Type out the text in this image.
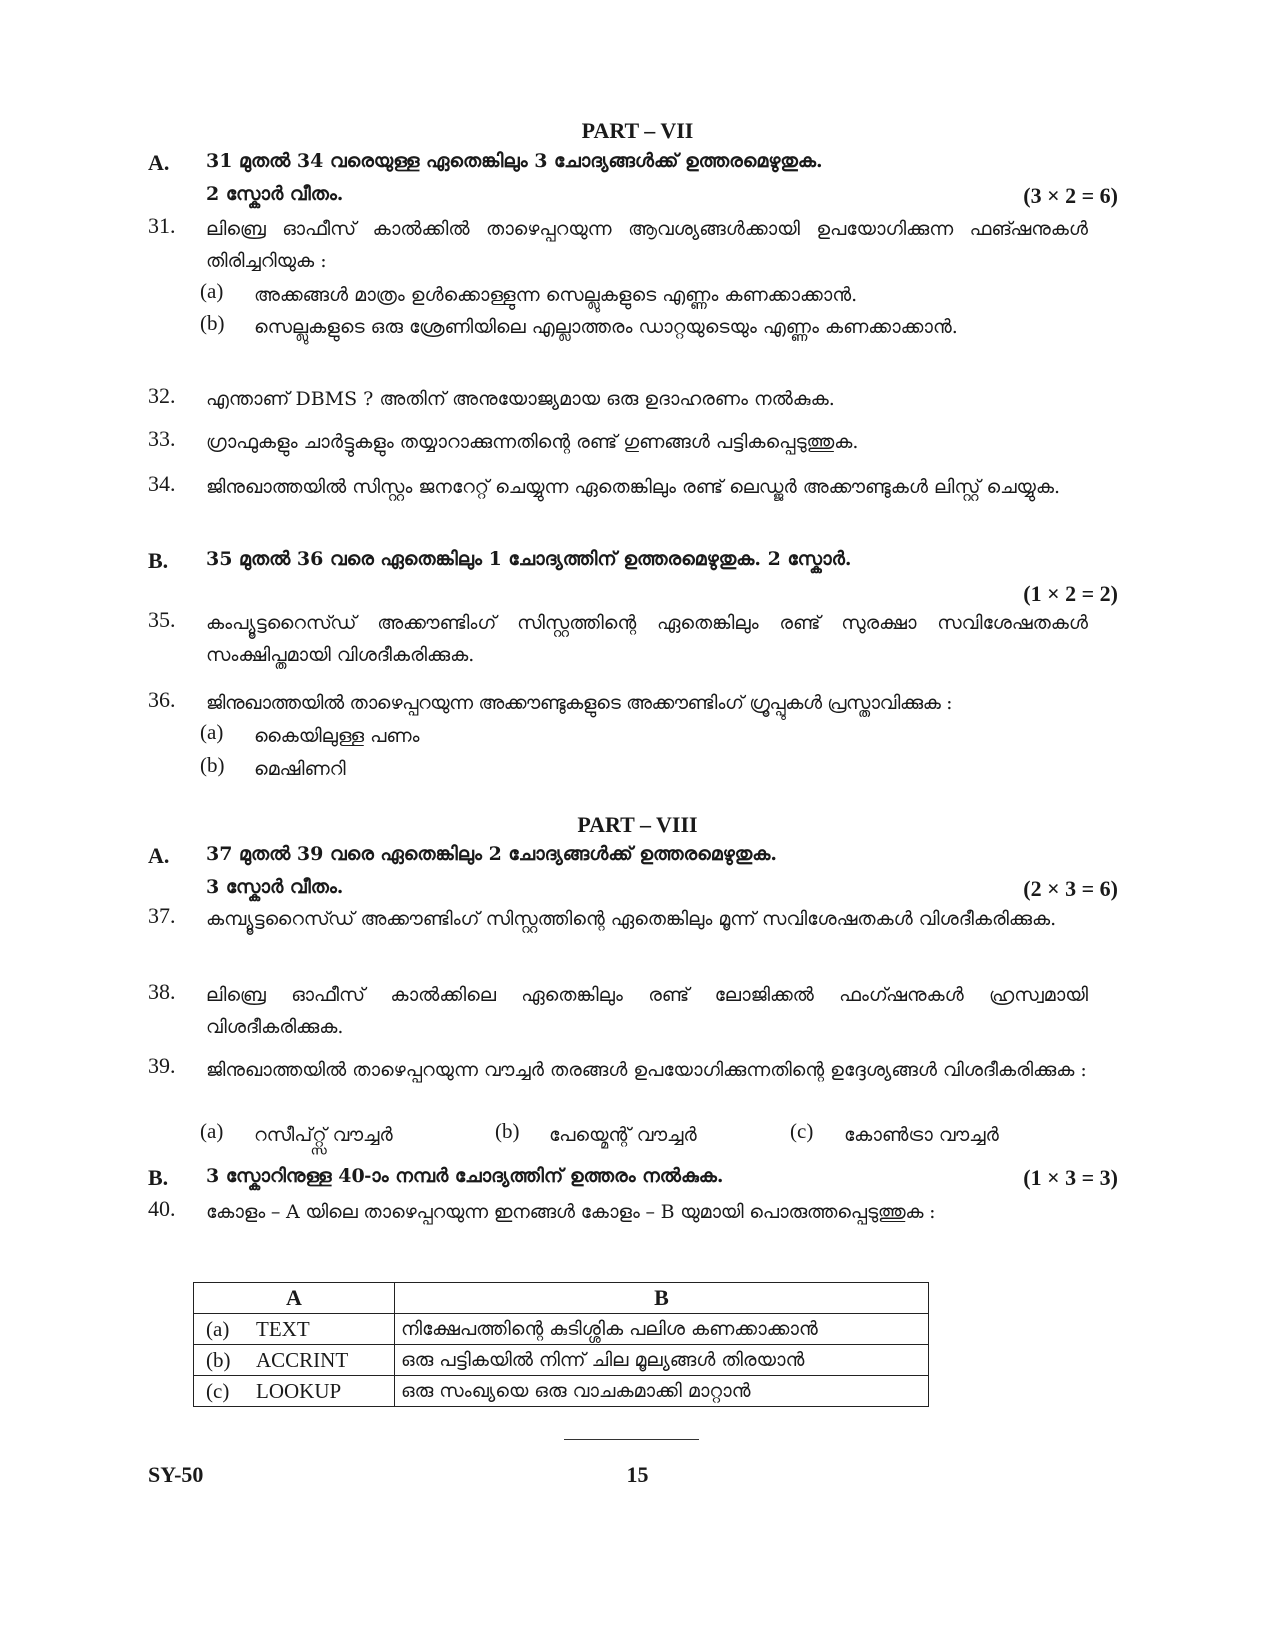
PART – VII
A. 31 മുതൽ 34 വരെയുള്ള ഏതെങ്കിലും 3 ചോദ്യങ്ങൾക്ക് ഉത്തരമെഴുതുക.
2 സ്കോർ വീതം.	(3 × 2 = 6)
31. ലിബ്രെ ഓഫീസ് കാൽക്കിൽ താഴെപ്പറയുന്ന ആവശ്യങ്ങൾക്കായി ഉപയോഗിക്കുന്ന ഫങ്ഷനുകൾ തിരിച്ചറിയുക :
(a) അക്കങ്ങൾ മാത്രം ഉൾക്കൊള്ളുന്ന സെല്ലുകളുടെ എണ്ണം കണക്കാക്കാൻ.
(b) സെല്ലുകളുടെ ഒരു ശ്രേണിയിലെ എല്ലാത്തരം ഡാറ്റയുടെയും എണ്ണം കണക്കാക്കാൻ.
32. എന്താണ് DBMS ? അതിന് അനുയോജ്യമായ ഒരു ഉദാഹരണം നൽകുക.
33. ഗ്രാഫുകളും ചാർട്ടുകളും തയ്യാറാക്കുന്നതിന്റെ രണ്ട് ഗുണങ്ങൾ പട്ടികപ്പെടുത്തുക.
34. ജിനുഖാത്തയിൽ സിസ്റ്റം ജനറേറ്റ് ചെയ്യുന്ന ഏതെങ്കിലും രണ്ട് ലെഡ്ജർ അക്കൗണ്ടുകൾ ലിസ്റ്റ് ചെയ്യുക.
B. 35 മുതൽ 36 വരെ ഏതെങ്കിലും 1 ചോദ്യത്തിന് ഉത്തരമെഴുതുക. 2 സ്കോർ.
(1 × 2 = 2)
35. കംപ്യൂട്ടറൈസ്ഡ് അക്കൗണ്ടിംഗ് സിസ്റ്റത്തിന്റെ ഏതെങ്കിലും രണ്ട് സുരക്ഷാ സവിശേഷതകൾ സംക്ഷിപ്തമായി വിശദീകരിക്കുക.
36. ജിനുഖാത്തയിൽ താഴെപ്പറയുന്ന അക്കൗണ്ടുകളുടെ അക്കൗണ്ടിംഗ് ഗ്രൂപ്പുകൾ പ്രസ്താവിക്കുക :
(a) കൈയിലുള്ള പണം
(b) മെഷിണറി
PART – VIII
A. 37 മുതൽ 39 വരെ ഏതെങ്കിലും 2 ചോദ്യങ്ങൾക്ക് ഉത്തരമെഴുതുക.
3 സ്കോർ വീതം.	(2 × 3 = 6)
37. കമ്പ്യൂട്ടറൈസ്ഡ് അക്കൗണ്ടിംഗ് സിസ്റ്റത്തിന്റെ ഏതെങ്കിലും മൂന്ന് സവിശേഷതകൾ വിശദീകരിക്കുക.
38. ലിബ്രെ ഓഫീസ് കാൽക്കിലെ ഏതെങ്കിലും രണ്ട് ലോജിക്കൽ ഫംഗ്ഷനുകൾ ഹ്രസ്വമായി വിശദീകരിക്കുക.
39. ജിനുഖാത്തയിൽ താഴെപ്പറയുന്ന വൗച്ചർ തരങ്ങൾ ഉപയോഗിക്കുന്നതിന്റെ ഉദ്ദേശ്യങ്ങൾ വിശദീകരിക്കുക :
(a) റസീപ്റ്റ്സ് വൗച്ചർ	(b) പേയ്മെന്റ് വൗച്ചർ	(c) കോൺട്രാ വൗച്ചർ
B. 3 സ്കോറിനുള്ള 40-ാം നമ്പർ ചോദ്യത്തിന് ഉത്തരം നൽകുക.	(1 × 3 = 3)
40. കോളം – A യിലെ താഴെപ്പറയുന്ന ഇനങ്ങൾ കോളം – B യുമായി പൊരുത്തപ്പെടുത്തുക :
A	B
(a) TEXT	നിക്ഷേപത്തിന്റെ കുടിശ്ശിക പലിശ കണക്കാക്കാൻ
(b) ACCRINT	ഒരു പട്ടികയിൽ നിന്ന് ചില മൂല്യങ്ങൾ തിരയാൻ
(c) LOOKUP	ഒരു സംഖ്യയെ ഒരു വാചകമാക്കി മാറ്റാൻ
SY-50	15
